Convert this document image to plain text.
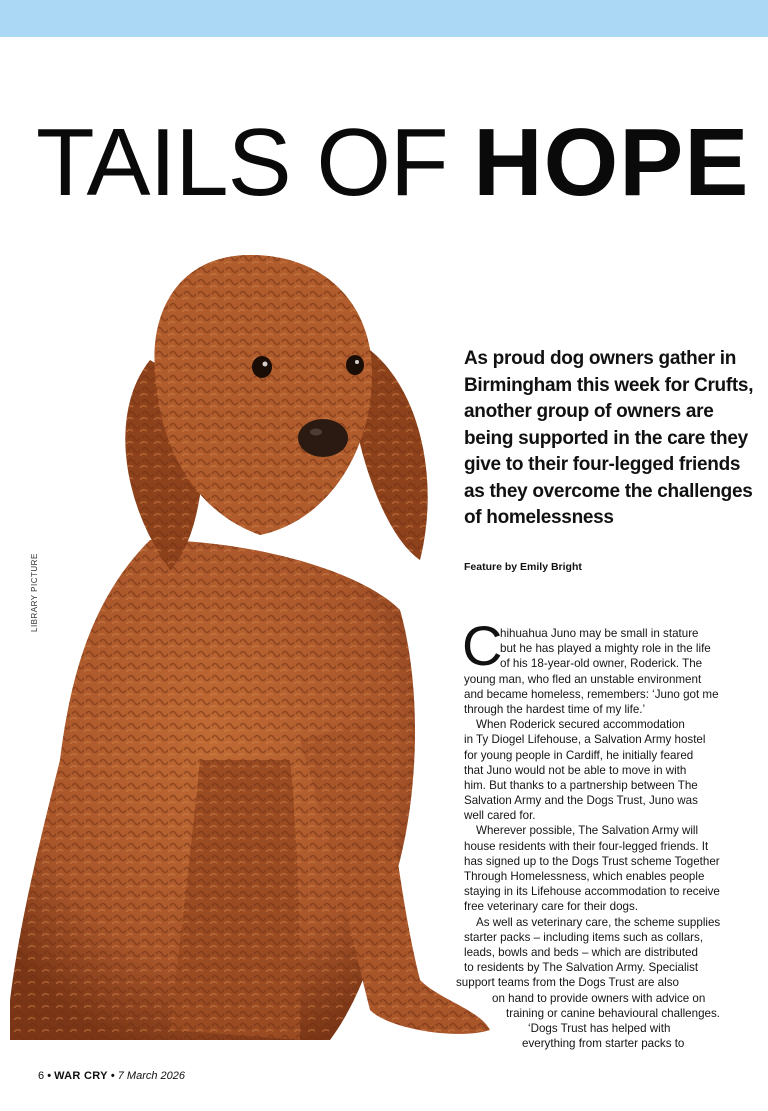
TAILS OF HOPE

LIBRARY PICTURE

As proud dog owners gather in Birmingham this week for Crufts, another group of owners are being supported in the care they give to their four-legged friends as they overcome the challenges of homelessness

Feature by Emily Bright

C
hihuahua Juno may be small in stature
but he has played a mighty role in the life
of his 18-year-old owner, Roderick. The
young man, who fled an unstable environment
and became homeless, remembers: ‘Juno got me
through the hardest time of my life.’
When Roderick secured accommodation
in Ty Diogel Lifehouse, a Salvation Army hostel
for young people in Cardiff, he initially feared
that Juno would not be able to move in with
him. But thanks to a partnership between The
Salvation Army and the Dogs Trust, Juno was
well cared for.
Wherever possible, The Salvation Army will
house residents with their four-legged friends. It
has signed up to the Dogs Trust scheme Together
Through Homelessness, which enables people
staying in its Lifehouse accommodation to receive
free veterinary care for their dogs.
As well as veterinary care, the scheme supplies
starter packs – including items such as collars,
leads, bowls and beds – which are distributed
to residents by The Salvation Army. Specialist
support teams from the Dogs Trust are also
on hand to provide owners with advice on
training or canine behavioural challenges.
‘Dogs Trust has helped with
everything from starter packs to

6 • WAR CRY • 7 March 2026
